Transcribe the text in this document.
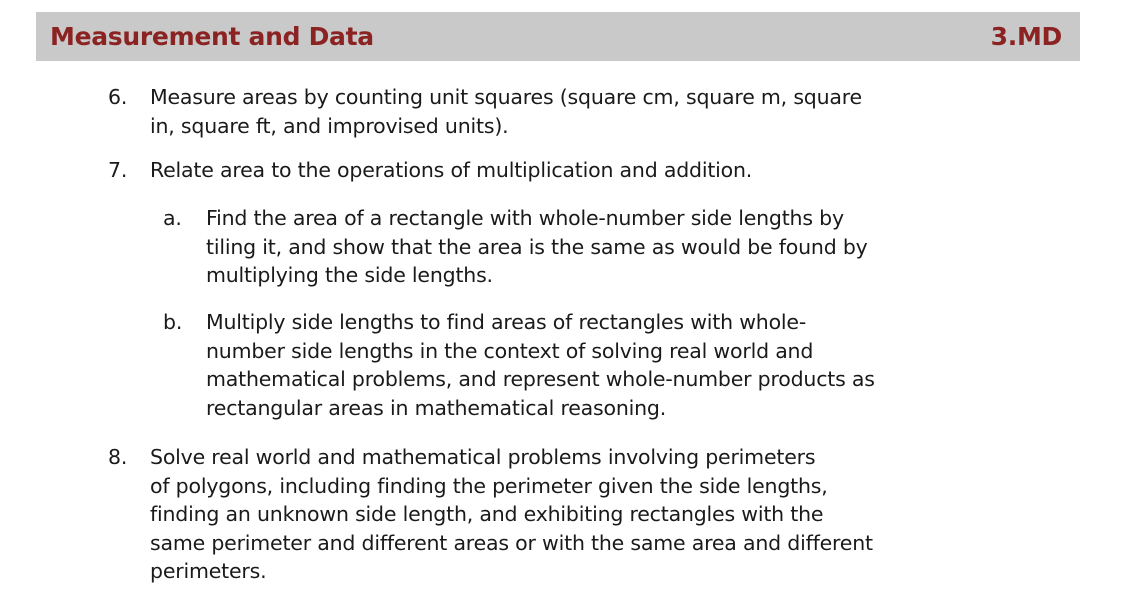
Measurement and Data	3.MD
6.	Measure areas by counting unit squares (square cm, square m, square
in, square ft, and improvised units).
7.	Relate area to the operations of multiplication and addition.
a.	Find the area of a rectangle with whole-number side lengths by
tiling it, and show that the area is the same as would be found by
multiplying the side lengths.
b.	Multiply side lengths to find areas of rectangles with whole-
number side lengths in the context of solving real world and
mathematical problems, and represent whole-number products as
rectangular areas in mathematical reasoning.
8.	Solve real world and mathematical problems involving perimeters
of polygons, including finding the perimeter given the side lengths,
finding an unknown side length, and exhibiting rectangles with the
same perimeter and different areas or with the same area and different
perimeters.
